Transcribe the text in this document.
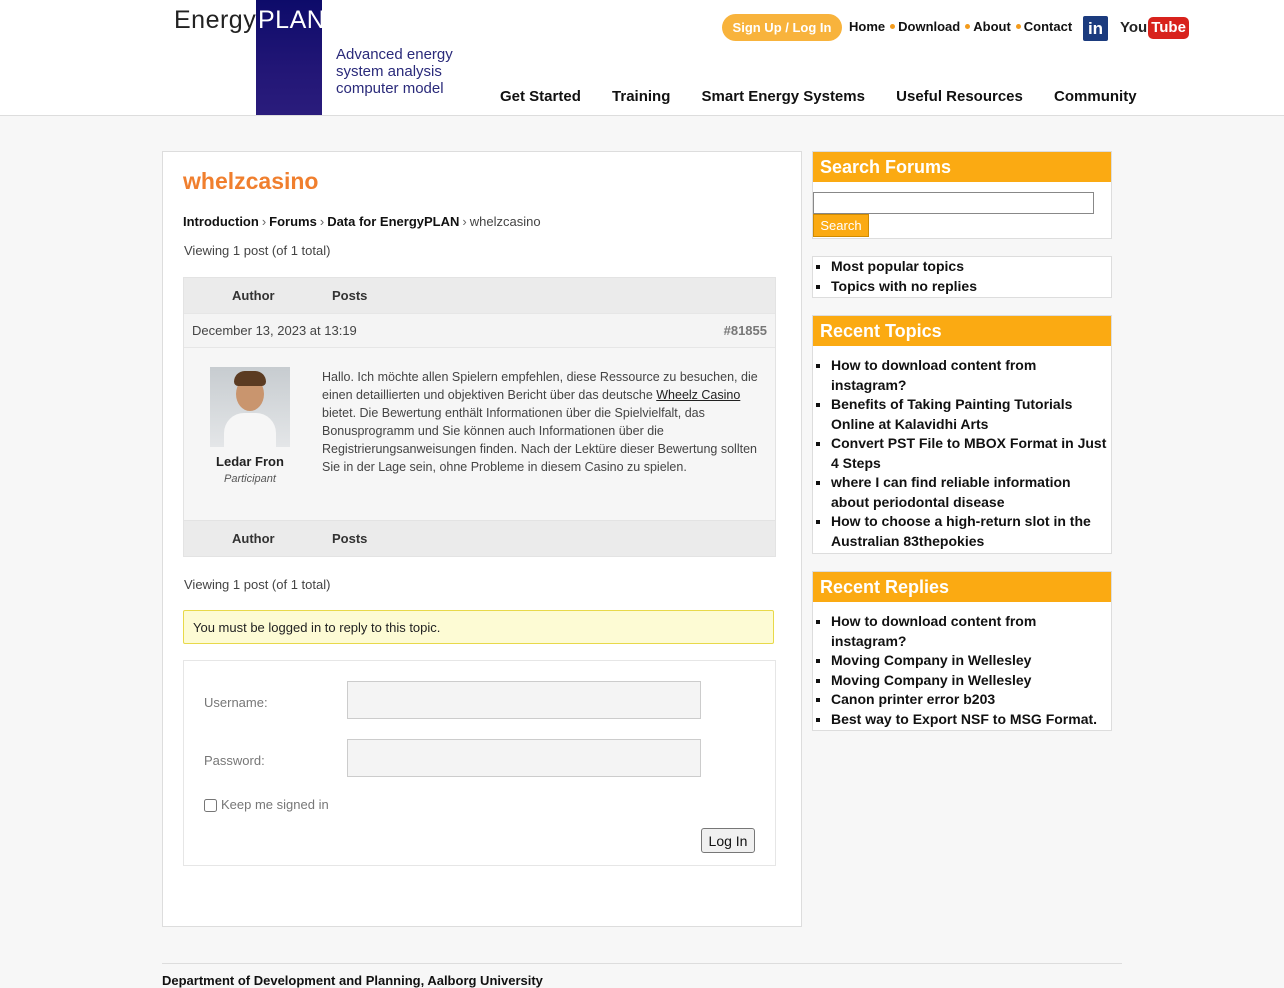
Energy PLAN
Advanced energy
system analysis
computer model
Sign Up / Log In	Home Download About Contact in	You Tube
Get Started Training Smart Energy Systems Useful Resources Community
whelzcasino
Introduction › Forums › Data for EnergyPLAN › whelzcasino
Viewing 1 post (of 1 total)
Author	Posts
December 13, 2023 at 13:19	#81855
Ledar Fron
Participant
Hallo. Ich möchte allen Spielern empfehlen, diese Ressource zu besuchen, die einen detaillierten und objektiven Bericht über das deutsche Wheelz Casino bietet. Die Bewertung enthält Informationen über die Spielvielfalt, das Bonusprogramm und Sie können auch Informationen über die Registrierungsanweisungen finden. Nach der Lektüre dieser Bewertung sollten Sie in der Lage sein, ohne Probleme in diesem Casino zu spielen.
Author	Posts
Viewing 1 post (of 1 total)
You must be logged in to reply to this topic.
Username:
Password:
Keep me signed in
Log In
Search Forums
Search
▪ Most popular topics
▪ Topics with no replies
Recent Topics
▪ How to download content from instagram?
▪ Benefits of Taking Painting Tutorials Online at Kalavidhi Arts
▪ Convert PST File to MBOX Format in Just 4 Steps
▪ where I can find reliable information about periodontal disease
▪ How to choose a high-return slot in the Australian 83thepokies
Recent Replies
▪ How to download content from instagram?
▪ Moving Company in Wellesley
▪ Moving Company in Wellesley
▪ Canon printer error b203
▪ Best way to Export NSF to MSG Format.
Department of Development and Planning, Aalborg University
